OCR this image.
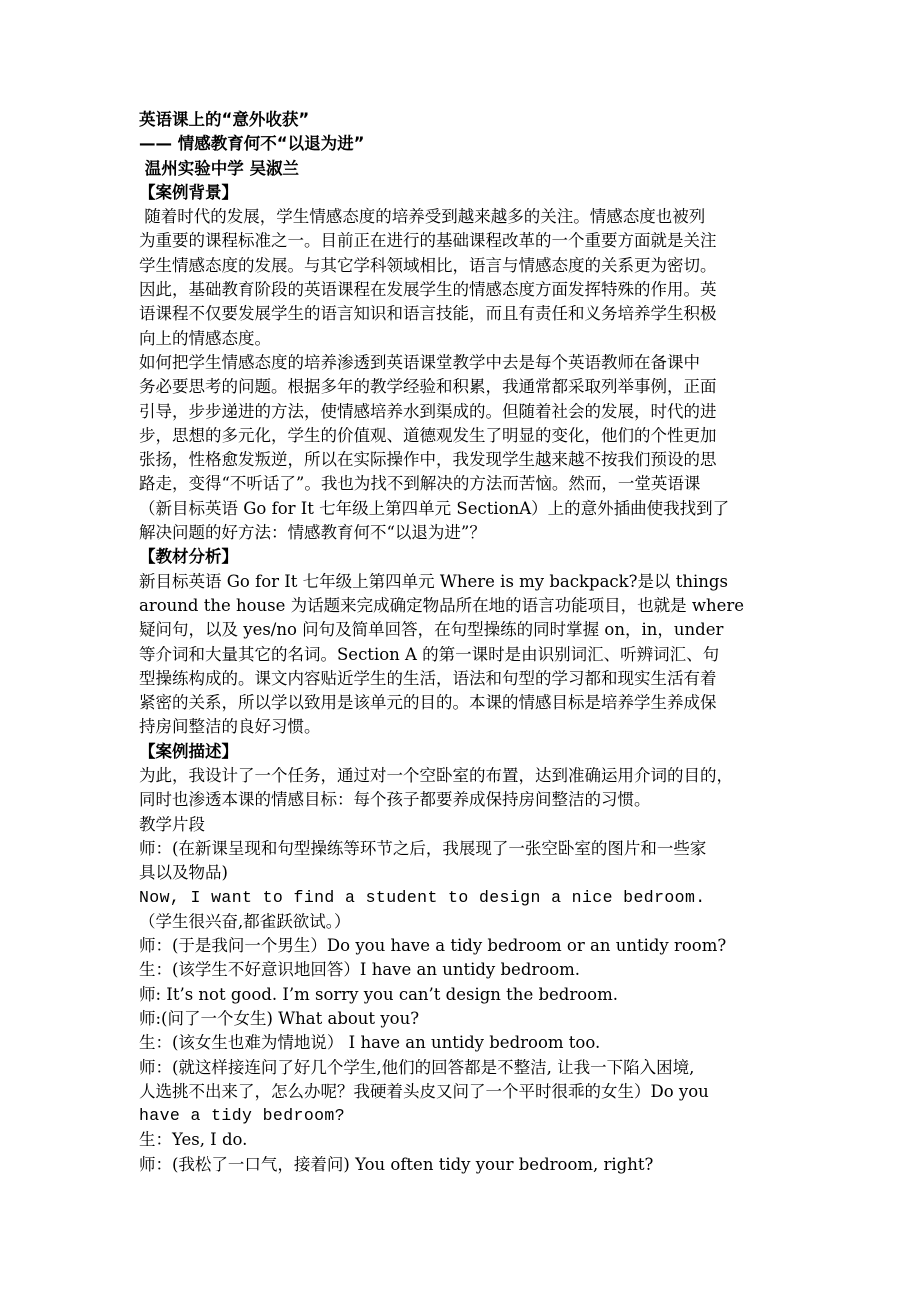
英语课上的“意外收获”
—— 情感教育何不“以退为进”
温州实验中学 吴淑兰
【案例背景】
随着时代的发展，学生情感态度的培养受到越来越多的关注。情感态度也被列
为重要的课程标准之一。目前正在进行的基础课程改革的一个重要方面就是关注
学生情感态度的发展。与其它学科领域相比，语言与情感态度的关系更为密切。
因此，基础教育阶段的英语课程在发展学生的情感态度方面发挥特殊的作用。英
语课程不仅要发展学生的语言知识和语言技能，而且有责任和义务培养学生积极
向上的情感态度。
如何把学生情感态度的培养渗透到英语课堂教学中去是每个英语教师在备课中
务必要思考的问题。根据多年的教学经验和积累，我通常都采取列举事例，正面
引导，步步递进的方法，使情感培养水到渠成的。但随着社会的发展，时代的进
步，思想的多元化，学生的价值观、道德观发生了明显的变化，他们的个性更加
张扬，性格愈发叛逆，所以在实际操作中，我发现学生越来越不按我们预设的思
路走，变得“不听话了”。我也为找不到解决的方法而苦恼。然而，一堂英语课
（新目标英语 Go for It 七年级上第四单元 SectionA）上的意外插曲使我找到了
解决问题的好方法：情感教育何不“以退为进”？
【教材分析】
新目标英语 Go for It 七年级上第四单元 Where is my backpack?是以 things
around the house 为话题来完成确定物品所在地的语言功能项目，也就是 where
疑问句，以及 yes/no 问句及简单回答，在句型操练的同时掌握 on，in，under
等介词和大量其它的名词。Section A 的第一课时是由识别词汇、听辨词汇、句
型操练构成的。课文内容贴近学生的生活，语法和句型的学习都和现实生活有着
紧密的关系，所以学以致用是该单元的目的。本课的情感目标是培养学生养成保
持房间整洁的良好习惯。
【案例描述】
为此，我设计了一个任务，通过对一个空卧室的布置，达到准确运用介词的目的，
同时也渗透本课的情感目标：每个孩子都要养成保持房间整洁的习惯。
教学片段
师：(在新课呈现和句型操练等环节之后，我展现了一张空卧室的图片和一些家
具以及物品)
Now, I want to find a student to design a nice bedroom.
（学生很兴奋,都雀跃欲试。）
师：(于是我问一个男生）Do you have a tidy bedroom or an untidy room?
生：(该学生不好意识地回答）I have an untidy bedroom.
师: It’s not good. I’m sorry you can’t design the bedroom.
师:(问了一个女生) What about you?
生：(该女生也难为情地说） I have an untidy bedroom too.
师：(就这样接连问了好几个学生,他们的回答都是不整洁, 让我一下陷入困境,
人选挑不出来了，怎么办呢？我硬着头皮又问了一个平时很乖的女生）Do you
have a tidy bedroom?
生：Yes, I do.
师：(我松了一口气，接着问) You often tidy your bedroom, right?
